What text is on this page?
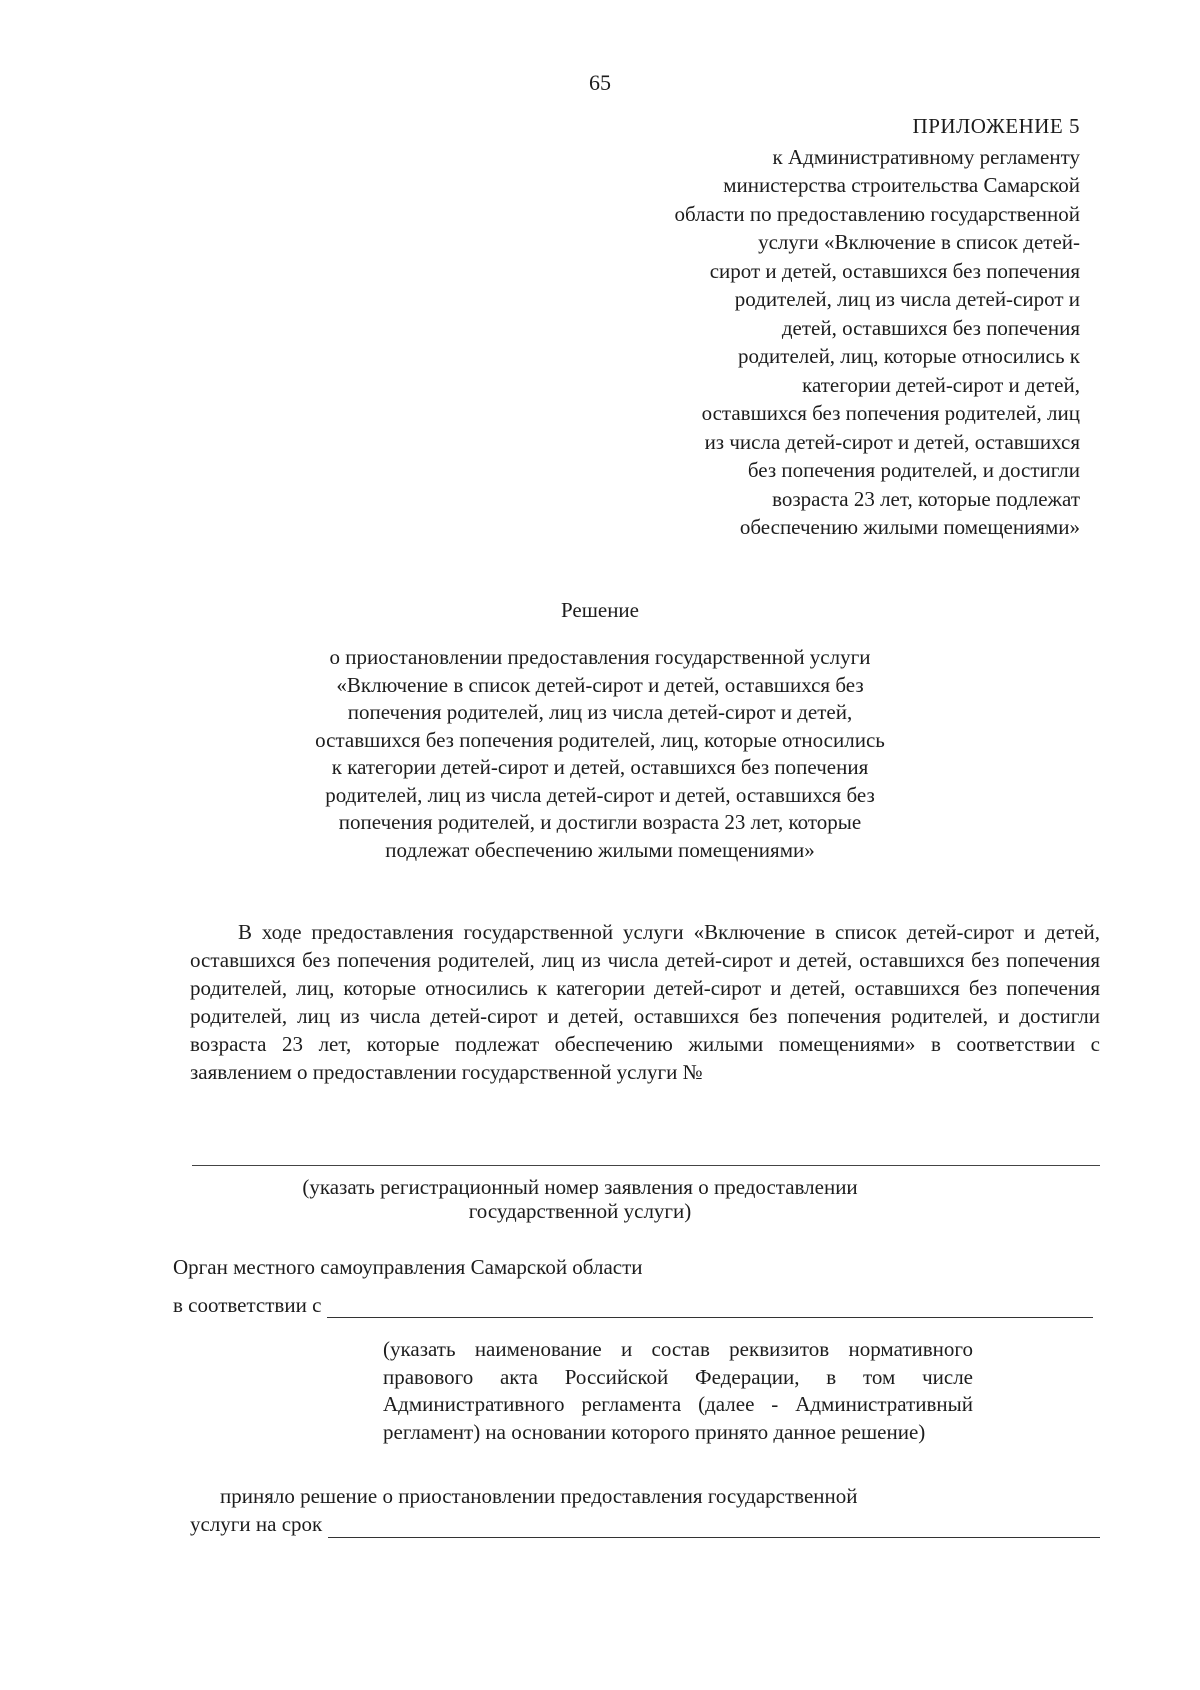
65
ПРИЛОЖЕНИЕ 5
к Административному регламенту
министерства строительства Самарской
области по предоставлению государственной
услуги «Включение в список детей-
сирот и детей, оставшихся без попечения
родителей, лиц из числа детей-сирот и
детей, оставшихся без попечения
родителей, лиц, которые относились к
категории детей-сирот и детей,
оставшихся без попечения родителей, лиц
из числа детей-сирот и детей, оставшихся
без попечения родителей, и достигли
возраста 23 лет, которые подлежат
обеспечению жилыми помещениями»
Решение
о приостановлении предоставления государственной услуги
«Включение в список детей-сирот и детей, оставшихся без
попечения родителей, лиц из числа детей-сирот и детей,
оставшихся без попечения родителей, лиц, которые относились
к категории детей-сирот и детей, оставшихся без попечения
родителей, лиц из числа детей-сирот и детей, оставшихся без
попечения родителей, и достигли возраста 23 лет, которые
подлежат обеспечению жилыми помещениями»
В ходе предоставления государственной услуги «Включение в список детей-сирот и детей, оставшихся без попечения родителей, лиц из числа детей-сирот и детей, оставшихся без попечения родителей, лиц, которые относились к категории детей-сирот и детей, оставшихся без попечения родителей, лиц из числа детей-сирот и детей, оставшихся без попечения родителей, и достигли возраста 23 лет, которые подлежат обеспечению жилыми помещениями» в соответствии с заявлением о предоставлении государственной услуги №
(указать регистрационный номер заявления о предоставлении
государственной услуги)
Орган местного самоуправления Самарской области
в соответствии с
(указать наименование и состав реквизитов нормативного правового акта Российской Федерации, в том числе Административного регламента (далее - Административный регламент) на основании которого принято данное решение)
приняло решение о приостановлении предоставления государственной
услуги на срок
